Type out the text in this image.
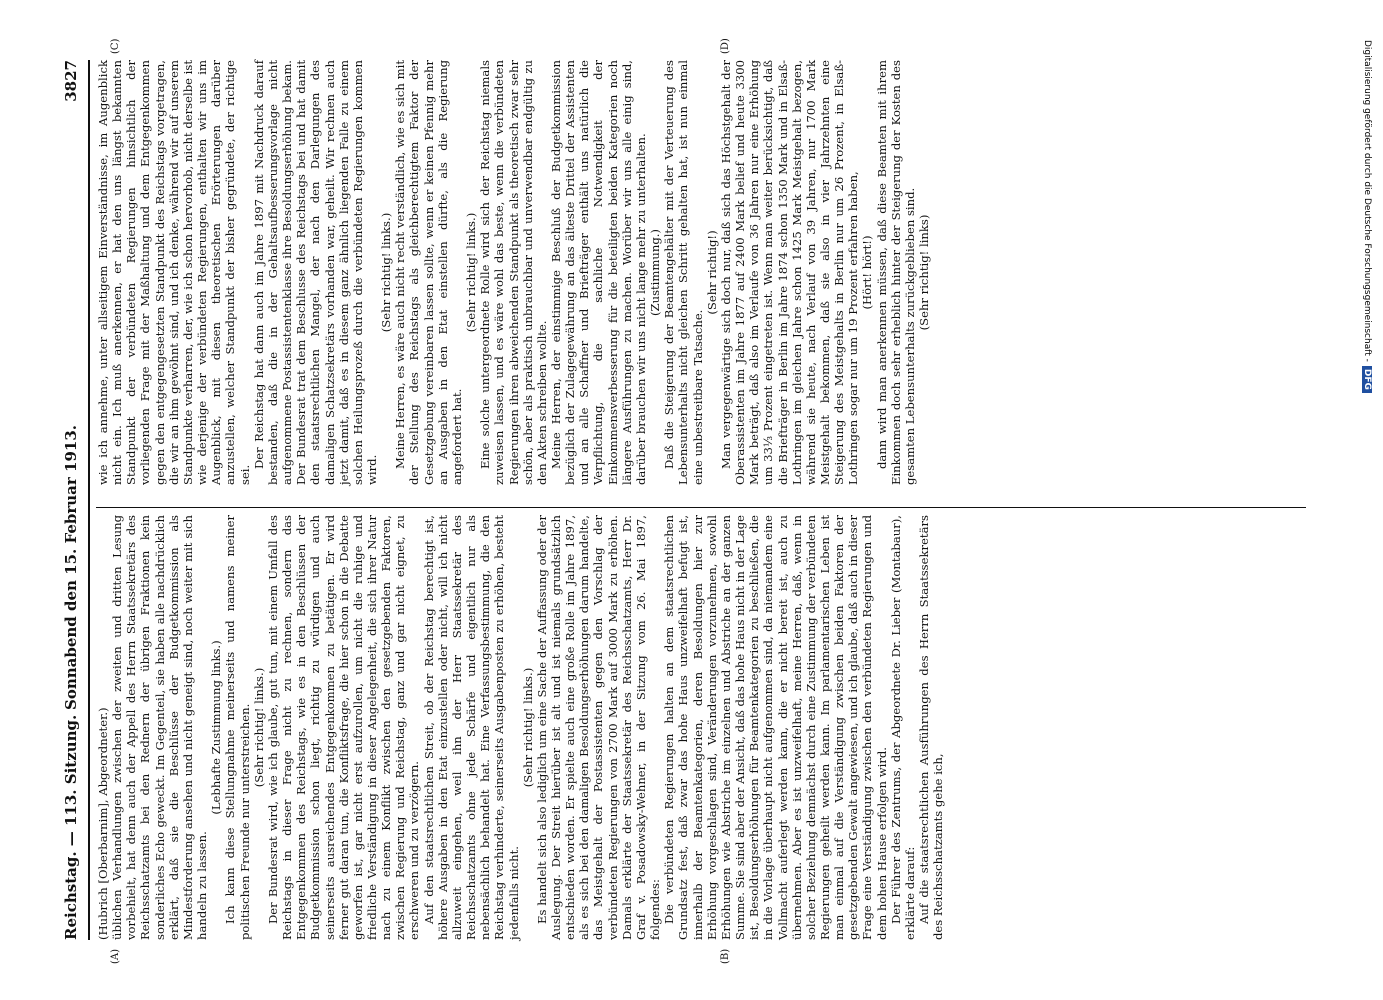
Reichstag. — 113. Sitzung.
Sonnabend den 15. Februar 1913.
3827
(A)	(B)
(C)	(D)

(Hubrich [Oberbarnim], Abgeordneter.) üblichen Verhandlungen zwischen der zweiten und dritten Lesung vorbehielt, hat denn auch der Appell des Herrn Staatssekretärs des Reichsschatzamts bei den Rednern der übrigen Fraktionen kein sonderliches Echo geweckt. Im Gegenteil, sie haben alle nachdrücklich erklärt, daß sie die Beschlüsse der Budgetkommission als Mindestforderung ansehen und nicht geneigt sind, noch weiter mit sich handeln zu lassen.

(Lebhafte Zustimmung links.) Ich kann diese Stellungnahme meinerseits und namens meiner politischen Freunde nur unterstreichen. (Sehr richtig! links.) Der Bundesrat wird, wie ich glaube, gut tun, mit einem Umfall des Reichstags in dieser Frage nicht zu rechnen, sondern das Entgegenkommen des Reichstags, wie es in den Beschlüssen der Budgetkommission schon liegt, richtig zu würdigen und auch seinerseits ausreichendes Entgegenkommen zu betätigen. Er wird ferner gut daran tun, die Konfliktsfrage, die hier schon in die Debatte geworfen ist, gar nicht erst aufzurollen, um nicht die ruhige und friedliche Verständigung in dieser Angelegenheit, die sich ihrer Natur nach zu einem Konflikt zwischen den gesetzgebenden Faktoren, zwischen Regierung und Reichstag, ganz und gar nicht eignet, zu erschweren und zu verzögern. Auf den staatsrechtlichen Streit, ob der Reichstag berechtigt ist, höhere Ausgaben in den Etat einzustellen oder nicht, will ich nicht allzuweit eingehen, weil ihn der Herr Staatssekretär des Reichsschatzamts ohne jede Schärfe und eigentlich nur als nebensächlich behandelt hat. Eine Verfassungsbestimmung, die den Reichstag verhinderte, seinerseits Ausgabenposten zu erhöhen, besteht jedenfalls nicht.

(Sehr richtig! links.) Es handelt sich also lediglich um eine Sache der Auffassung oder der Auslegung. Der Streit hierüber ist alt und ist niemals grundsätzlich entschieden worden. Er spielte auch eine große Rolle im Jahre 1897, als es sich bei den damaligen Besoldungserhöhungen darum handelte, das Meistgehalt der Postassistenten gegen den Vorschlag der verbündeten Regierungen von 2700 Mark auf 3000 Mark zu erhöhen. Damals erklärte der Staatssekretär des Reichsschatzamts, Herr Dr. Graf v. Posadowsky-Wehner, in der Sitzung vom 26. Mai 1897, folgendes: Die verbündeten Regierungen halten an dem staatsrechtlichen Grundsatz fest, daß zwar das hohe Haus unzweifelhaft befugt ist, innerhalb der Beamtenkategorien, deren Besoldungen hier zur Erhöhung vorgeschlagen sind, Veränderungen vorzunehmen, sowohl Erhöhungen wie Abstriche im einzelnen und Abstriche an der ganzen Summe. Sie sind aber der Ansicht, daß das hohe Haus nicht in der Lage ist, Besoldungserhöhungen für Beamtenkategorien zu beschließen, die in die Vorlage überhaupt nicht aufgenommen sind, da niemandem eine Vollmacht auferlegt werden kann, die er nicht bereit ist, auch zu übernehmen. Aber es ist unzweifelhaft, meine Herren, daß, wenn in solcher Beziehung demnächst durch eine Zustimmung der verbündeten Regierungen geheilt werden kann. Im parlamentarischen Leben ist man einmal auf die Verständigung zwischen beiden Faktoren der gesetzgebenden Gewalt angewiesen, und ich glaube, daß auch in dieser Frage eine Verständigung zwischen den verbündeten Regierungen und dem hohen Hause erfolgen wird. Der Führer des Zentrums, der Abgeordnete Dr. Lieber (Montabaur), erklärte darauf: Auf die staatsrechtlichen Ausführungen des Herrn Staatssekretärs des Reichsschatzamts gehe ich,

wie ich annehme, unter allseitigem Einverständnisse, im Augenblick nicht ein. Ich muß anerkennen, er hat den uns längst bekannten Standpunkt der verbündeten Regierungen hinsichtlich der vorliegenden Frage mit der Maßhaltung und dem Entgegenkommen gegen den entgegengesetzten Standpunkt des Reichstags vorgetragen, die wir an ihm gewöhnt sind, und ich denke, während wir auf unserem Standpunkte verharren, der, wie ich schon hervorhob, nicht derselbe ist wie derjenige der verbündeten Regierungen, enthalten wir uns im Augenblick, mit diesen theoretischen Erörterungen darüber anzustellen, welcher Standpunkt der bisher gegründete, der richtige sei.

Der Reichstag hat dann auch im Jahre 1897 mit Nachdruck darauf bestanden, daß die in der Gehaltsaufbesserungsvorlage nicht aufgenommene Postassistentenklasse ihre Besoldungserhöhung bekam. Der Bundesrat trat dem Beschlusse des Reichstags bei und hat damit den staatsrechtlichen Mangel, der nach den Darlegungen des damaligen Schatzsekretärs vorhanden war, geheilt. Wir rechnen auch jetzt damit, daß es in diesem ganz ähnlich liegenden Falle zu einem solchen Heilungsprozeß durch die verbündeten Regierungen kommen wird.

(Sehr richtig! links.) Meine Herren, es wäre auch nicht recht verständlich, wie es sich mit der Stellung des Reichstags als gleichberechtigtem Faktor der Gesetzgebung vereinbaren lassen sollte, wenn er keinen Pfennig mehr an Ausgaben in den Etat einstellen dürfte, als die Regierung angefordert hat.

(Sehr richtig! links.) Eine solche untergeordnete Rolle wird sich der Reichstag niemals zuweisen lassen, und es wäre wohl das beste, wenn die verbündeten Regierungen ihren abweichenden Standpunkt als theoretisch zwar sehr schön, aber als praktisch unbrauchbar und unverwendbar endgültig zu den Akten schreiben wollte. Meine Herren, der einstimmige Beschluß der Budgetkommission bezüglich der Zulagegewährung an das älteste Drittel der Assistenten und an alle Schaffner und Briefträger enthält uns natürlich die Verpflichtung, die sachliche Notwendigkeit der Einkommensverbesserung für die beteiligten beiden Kategorien noch längere Ausführungen zu machen. Worüber wir uns alle einig sind, darüber brauchen wir uns nicht lange mehr zu unterhalten. (Zustimmung.) Daß die Steigerung der Beamtengehälter mit der Verteuerung des Lebensunterhalts nicht gleichen Schritt gehalten hat, ist nun einmal eine unbestreitbare Tatsache.

(Sehr richtig!) Man vergegenwärtige sich doch nur, daß sich das Höchstgehalt der Oberassistenten im Jahre 1877 auf 2400 Mark belief und heute 3300 Mark beträgt, daß also im Verlaufe von 36 Jahren nur eine Erhöhung um 33⅓ Prozent eingetreten ist. Wenn man weiter berücksichtigt, daß die Briefträger in Berlin im Jahre 1874 schon 1350 Mark und in Elsaß-Lothringen im gleichen Jahre schon 1425 Mark Meistgehalt bezogen, während sie heute, nach Verlauf von 39 Jahren, nur 1700 Mark Meistgehalt bekommen, daß sie also in vier Jahrzehnten eine Steigerung des Meistgehalts in Berlin nur um 26 Prozent, in Elsaß-Lothringen sogar nur um 19 Prozent erfahren haben, (Hört! hört!) dann wird man anerkennen müssen, daß diese Beamten mit ihrem Einkommen doch sehr erheblich hinter der Steigerung der Kosten des gesamten Lebensunterhalts zurückgeblieben sind. (Sehr richtig! links)	Digitalisierung gefördert durch die Deutsche Forschungsgemeinschaft -DFG
